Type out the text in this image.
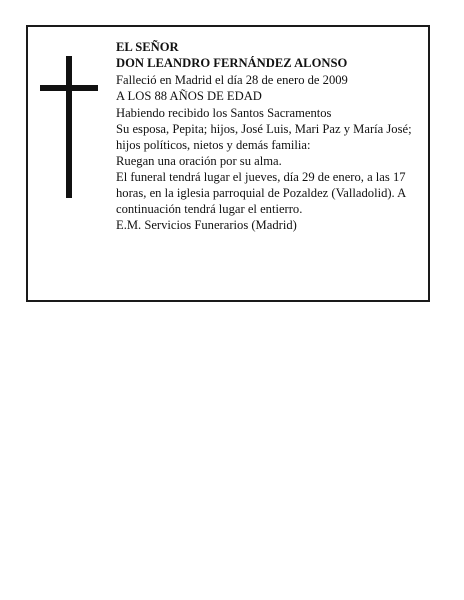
EL SEÑOR

DON LEANDRO FERNÁNDEZ ALONSO

Falleció en Madrid el día 28 de enero de 2009

A LOS 88 AÑOS DE EDAD

Habiendo recibido los Santos Sacramentos

Su esposa, Pepita; hijos, José Luis, Mari Paz y María José; hijos políticos, nietos y demás familia:

Ruegan una oración por su alma.

El funeral tendrá lugar el jueves, día 29 de enero, a las 17 horas, en la iglesia parroquial de Pozaldez (Valladolid). A continuación tendrá lugar el entierro.

E.M. Servicios Funerarios (Madrid)
